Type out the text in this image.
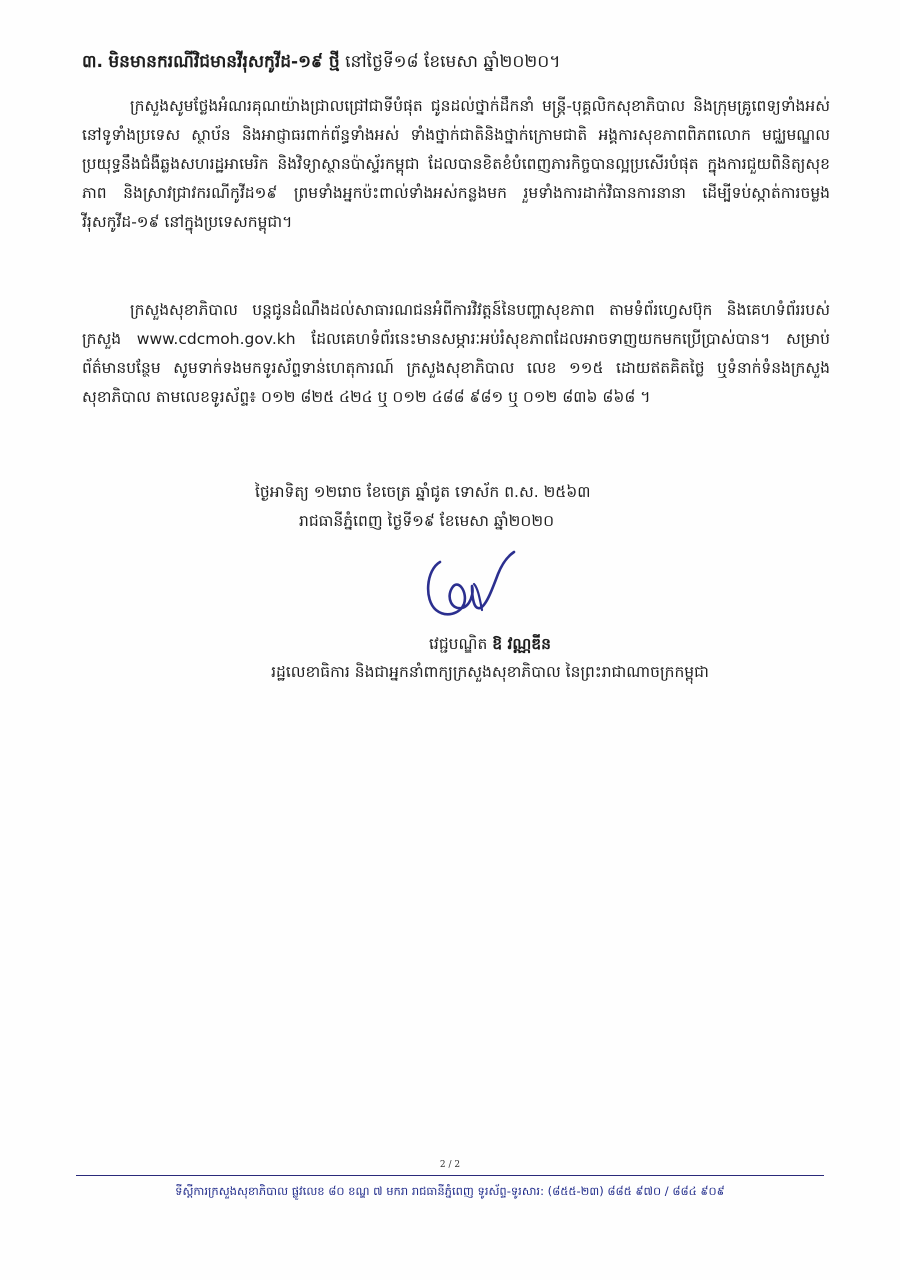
៣. មិនមានករណីវិជមានវីរុសកូវីដ-១៩ ថ្មី នៅថ្ងៃទី១៨ ខែមេសា ឆ្នាំ២០២០។

ក្រសួងសូមថ្លែងអំណរគុណយ៉ាងជ្រាលជ្រៅជាទីបំផុត ជូនដល់ថ្នាក់ដឹកនាំ មន្ត្រី-បុគ្គលិកសុខាភិបាល និងក្រុមគ្រូពេទ្យទាំងអស់នៅទូទាំងប្រទេស ស្ថាប័ន និងអាជ្ញាធរពាក់ព័ន្ធទាំងអស់ ទាំងថ្នាក់ជាតិនិងថ្នាក់ក្រោមជាតិ អង្គការសុខភាពពិភពលោក មជ្ឈមណ្ឌលប្រយុទ្ធនឹងជំងឺឆ្លងសហរដ្ឋអាមេរិក និងវិទ្យាស្ថានប៉ាស្ទ័រកម្ពុជា ដែលបានខិតខំបំពេញភារកិច្ចបានល្អប្រសើរបំផុត ក្នុងការជួយពិនិត្យសុខភាព និងស្រាវជ្រាវករណីកូវីដ១៩ ព្រមទាំងអ្នកប៉ះពាល់ទាំងអស់កន្លងមក រួមទាំងការដាក់វិធានការនានា ដើម្បីទប់ស្កាត់ការចម្លងវីរុសកូវីដ-១៩ នៅក្នុងប្រទេសកម្ពុជា។

ក្រសួងសុខាភិបាល បន្តជូនដំណឹងដល់សាធារណជនអំពីការវិវត្តន៍នៃបញ្ហាសុខភាព តាមទំព័រហ្វេសប៊ុក និងគេហទំព័ររបស់ក្រសួង www.cdcmoh.gov.kh ដែលគេហទំព័រនេះមានសម្ភារៈអប់រំសុខភាពដែលអាចទាញយកមកប្រើប្រាស់បាន។ សម្រាប់ព័ត៌មានបន្ថែម សូមទាក់ទងមកទូរស័ព្ទទាន់ហេតុការណ៍ ក្រសួងសុខាភិបាល លេខ ១១៥ ដោយឥតគិតថ្លៃ ឬទំនាក់ទំនងក្រសួងសុខាភិបាល តាមលេខទូរស័ព្ទ៖ ០១២ ៨២៥ ៤២៤ ឬ ០១២ ៤៨៨ ៩៨១ ឬ ០១២ ៨៣៦ ៨៦៨ ។

ថ្ងៃអាទិត្យ ១២រោច ខែចេត្រ ឆ្នាំជូត ទោស័ក ព.ស. ២៥៦៣
រាជធានីភ្នំពេញ ថ្ងៃទី១៩ ខែមេសា ឆ្នាំ២០២០
វេជ្ជបណ្ឌិត ឱ វណ្ណឌីន
រដ្ឋលេខាធិការ និងជាអ្នកនាំពាក្យក្រសួងសុខាភិបាល នៃព្រះរាជាណាចក្រកម្ពុជា
2 / 2
ទីស្តីការក្រសួងសុខាភិបាល ផ្លូវលេខ ៨០ ខណ្ឌ ៧ មករា រាជធានីភ្នំពេញ ទូរស័ព្ទ-ទូរសារ: (៨៥៥-២៣) ៨៨៥ ៩៧០ / ៨៨៤ ៩០៩
